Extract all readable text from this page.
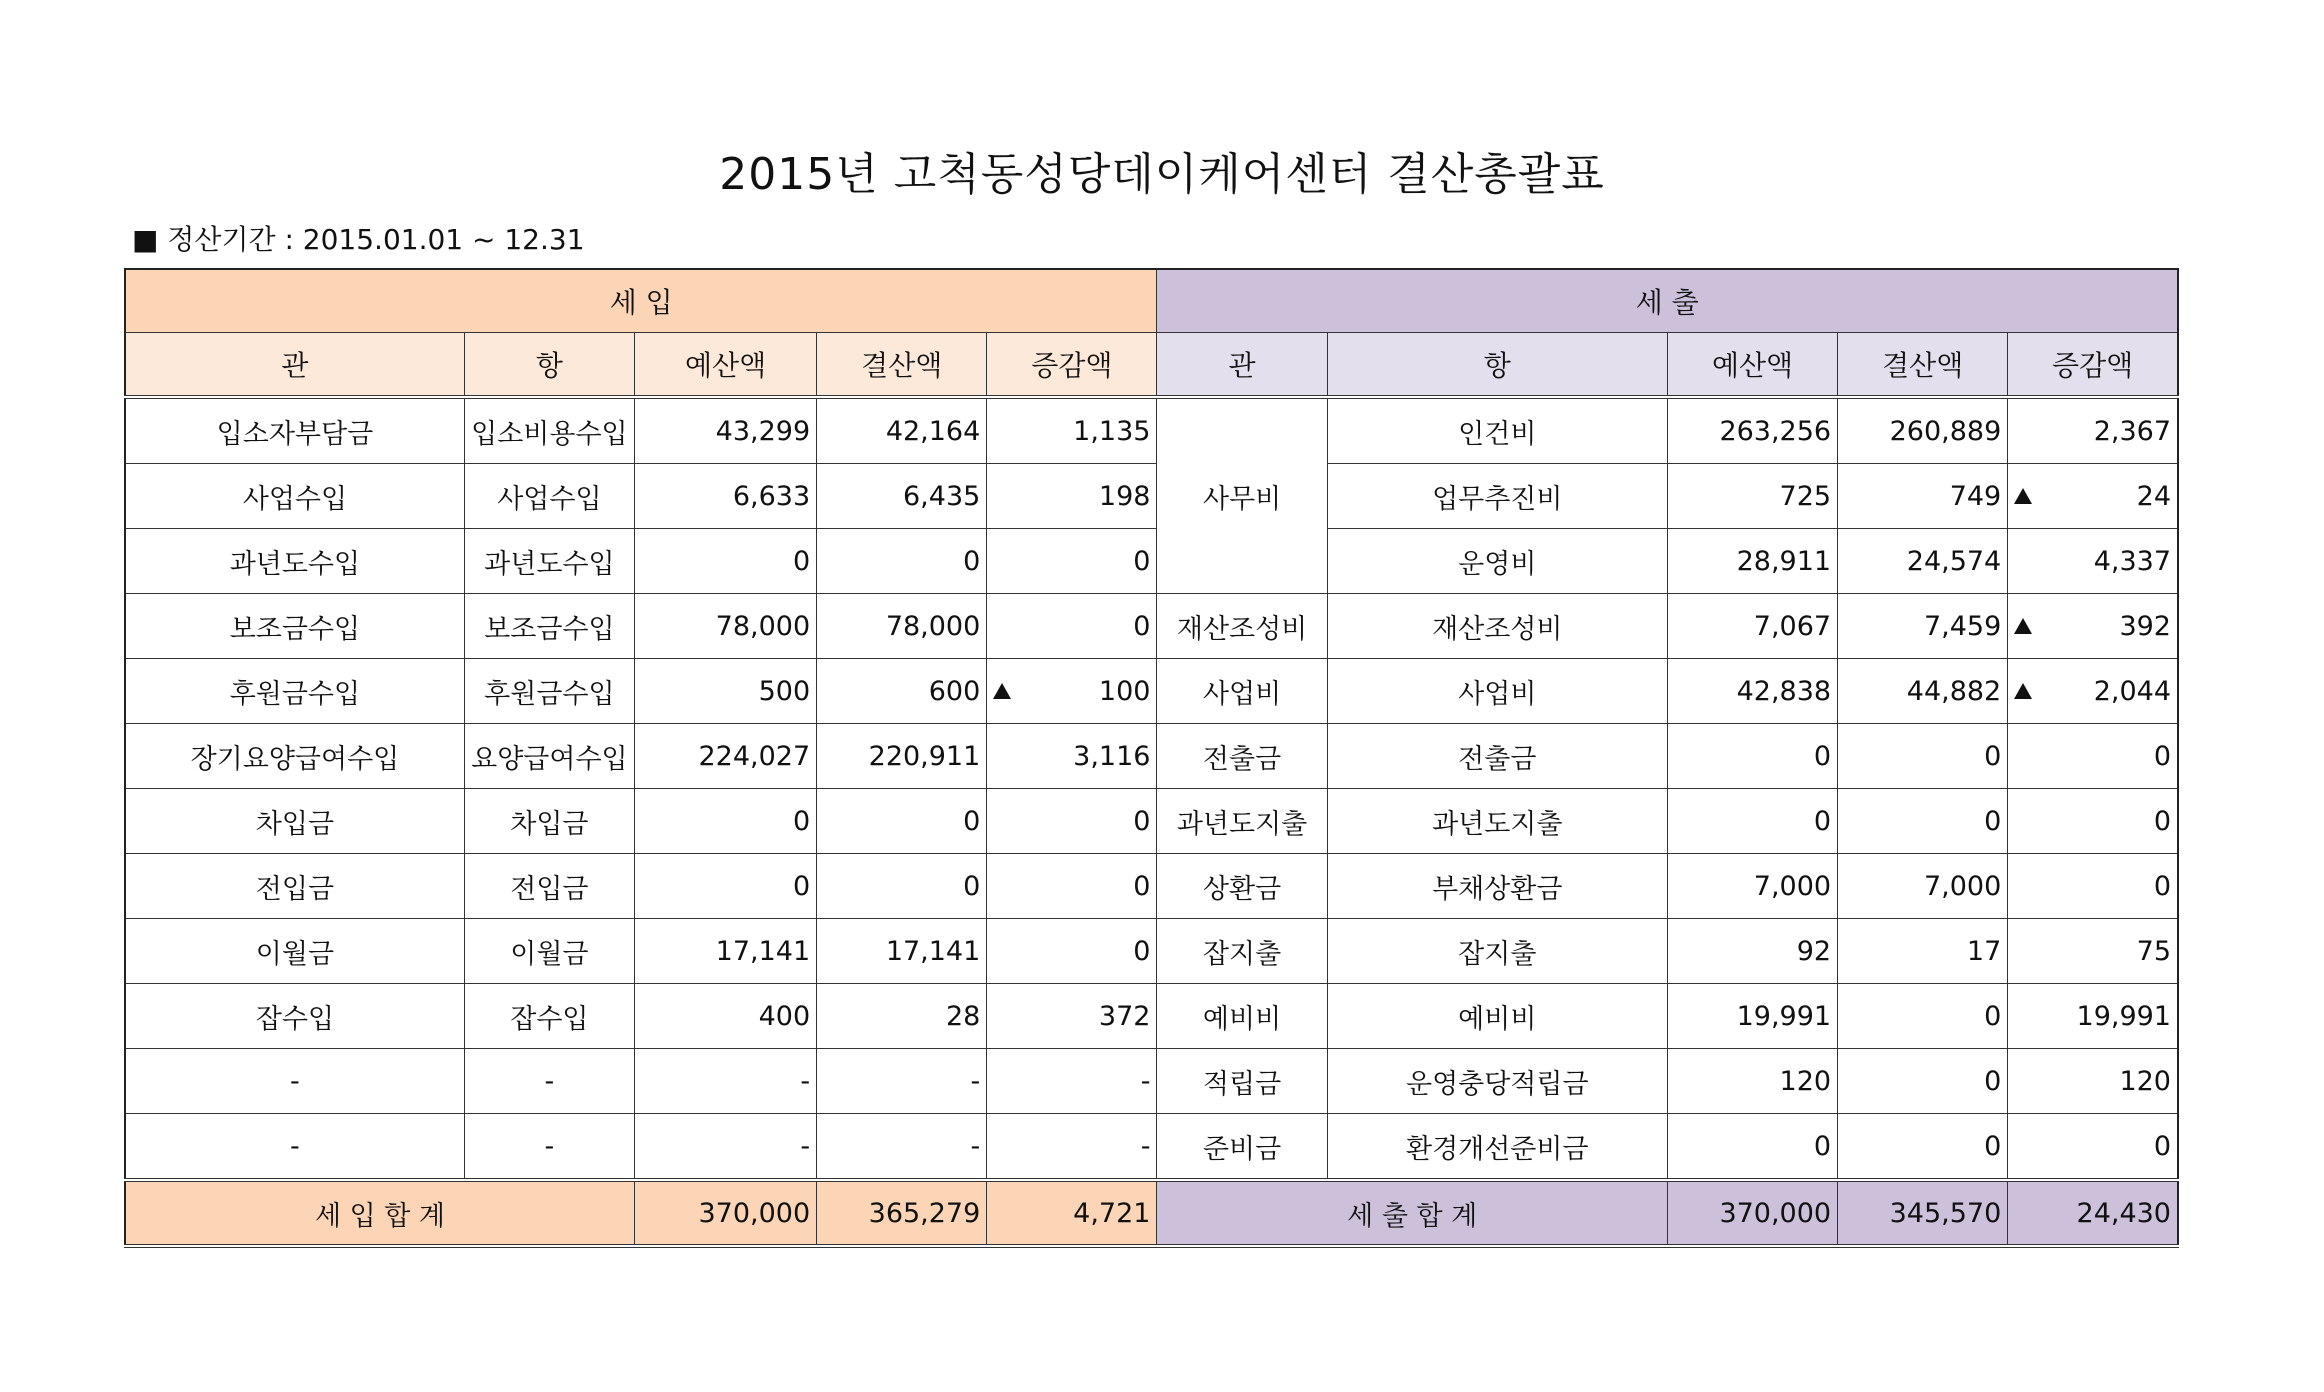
2015년 고척동성당데이케어센터 결산총괄표
■ 정산기간 : 2015.01.01 ~ 12.31
세 입					세 출				
관	항	예산액	결산액	증감액	관	항	예산액	결산액	증감액
입소자부담금	입소비용수입	43,299	42,164	1,135	사무비	인건비	263,256	260,889	2,367
사업수입	사업수입	6,633	6,435	198		업무추진비	725	749	24

과년도수입	과년도수입	0	0	0		운영비	28,911	24,574	4,337
보조금수입	보조금수입	78,000	78,000	0	재산조성비	재산조성비	7,067	7,459	392

후원금수입	후원금수입	500	600	100	사업비	사업비	42,838	44,882	2,044

장기요양급여수입	요양급여수입	224,027	220,911	3,116	전출금	전출금	0	0	0
차입금	차입금	0	0	0	과년도지출	과년도지출	0	0	0
전입금	전입금	0	0	0	상환금	부채상환금	7,000	7,000	0
이월금	이월금	17,141	17,141	0	잡지출	잡지출	92	17	75
잡수입	잡수입	400	28	372	예비비	예비비	19,991	0	19,991
-	-	-	-	-	적립금	운영충당적립금	120	0	120
-	-	-	-	-	준비금	환경개선준비금	0	0	0
세 입 합 계		370,000	365,279	4,721	세 출 합 계		370,000	345,570	24,430
